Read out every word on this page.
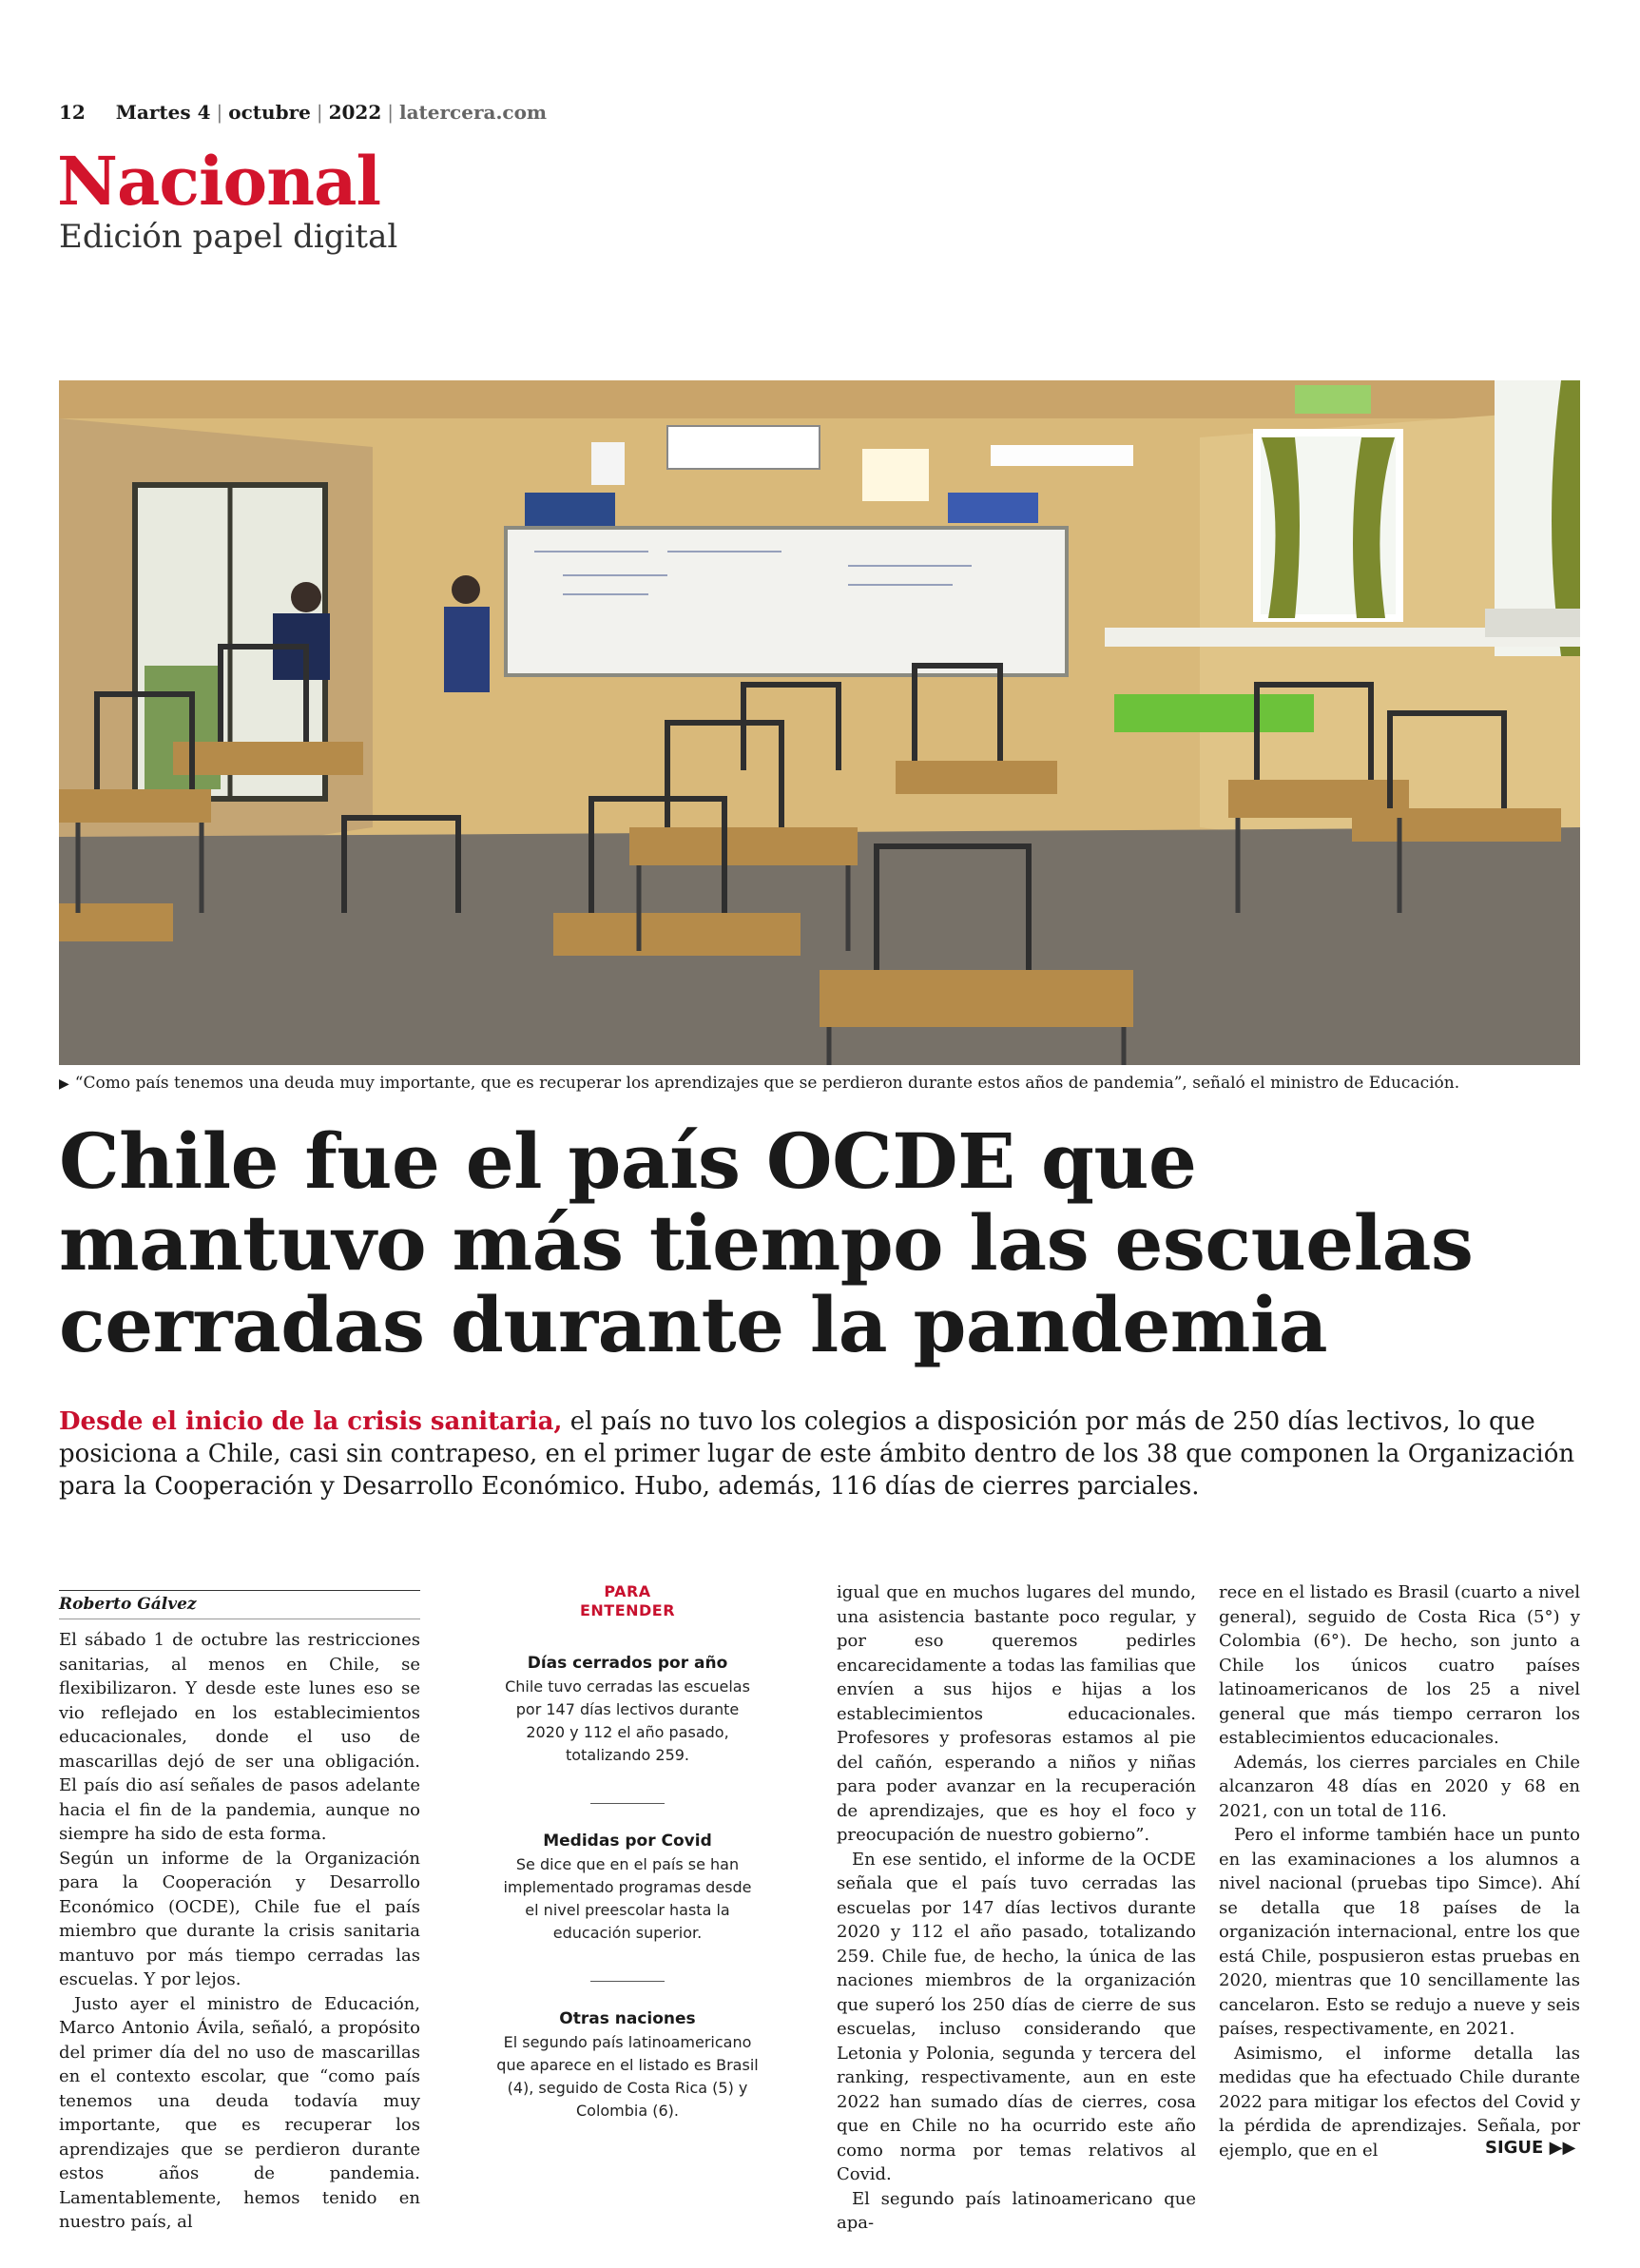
12 Martes 4 | octubre | 2022 | latercera.com
Nacional
Edición papel digital
▶ “Como país tenemos una deuda muy importante, que es recuperar los aprendizajes que se perdieron durante estos años de pandemia”, señaló el ministro de Educación.
Chile fue el país OCDE que
mantuvo más tiempo las escuelas
cerradas durante la pandemia
Desde el inicio de la crisis sanitaria, el país no tuvo los colegios a disposición por más de 250 días lectivos, lo que posiciona a Chile, casi sin contrapeso, en el primer lugar de este ámbito dentro de los 38 que componen la Organización para la Cooperación y Desarrollo Económico. Hubo, además, 116 días de cierres parciales.
Roberto Gálvez

El sábado 1 de octubre las restricciones sanitarias, al menos en Chile, se flexibilizaron. Y desde este lunes eso se vio reflejado en los establecimientos educacionales, donde el uso de mascarillas dejó de ser una obligación. El país dio así señales de pasos adelante hacia el fin de la pandemia, aunque no siempre ha sido de esta forma.

Según un informe de la Organización para la Cooperación y Desarrollo Económico (OCDE), Chile fue el país miembro que durante la crisis sanitaria mantuvo por más tiempo cerradas las escuelas. Y por lejos.

Justo ayer el ministro de Educación, Marco Antonio Ávila, señaló, a propósito del primer día del no uso de mascarillas en el contexto escolar, que “como país tenemos una deuda todavía muy importante, que es recuperar los aprendizajes que se perdieron durante estos años de pandemia. Lamentablemente, hemos tenido en nuestro país, al

PARA
ENTENDER
Días cerrados por año

Chile tuvo cerradas las escuelas por 147 días lectivos durante 2020 y 112 el año pasado, totalizando 259.

Medidas por Covid

Se dice que en el país se han implementado programas desde el nivel preescolar hasta la educación superior.

Otras naciones

El segundo país latinoamericano que aparece en el listado es Brasil (4), seguido de Costa Rica (5) y Colombia (6).

igual que en muchos lugares del mundo, una asistencia bastante poco regular, y por eso queremos pedirles encarecidamente a todas las familias que envíen a sus hijos e hijas a los establecimientos educacionales. Profesores y profesoras estamos al pie del cañón, esperando a niños y niñas para poder avanzar en la recuperación de aprendizajes, que es hoy el foco y preocupación de nuestro gobierno”.

En ese sentido, el informe de la OCDE señala que el país tuvo cerradas las escuelas por 147 días lectivos durante 2020 y 112 el año pasado, totalizando 259. Chile fue, de hecho, la única de las naciones miembros de la organización que superó los 250 días de cierre de sus escuelas, incluso considerando que Letonia y Polonia, segunda y tercera del ranking, respectivamente, aun en este 2022 han sumado días de cierres, cosa que en Chile no ha ocurrido este año como norma por temas relativos al Covid.

El segundo país latinoamericano que apa-

rece en el listado es Brasil (cuarto a nivel general), seguido de Costa Rica (5°) y Colombia (6°). De hecho, son junto a Chile los únicos cuatro países latinoamericanos de los 25 a nivel general que más tiempo cerraron los establecimientos educacionales.

Además, los cierres parciales en Chile alcanzaron 48 días en 2020 y 68 en 2021, con un total de 116.

Pero el informe también hace un punto en las examinaciones a los alumnos a nivel nacional (pruebas tipo Simce). Ahí se detalla que 18 países de la organización internacional, entre los que está Chile, pospusieron estas pruebas en 2020, mientras que 10 sencillamente las cancelaron. Esto se redujo a nueve y seis países, respectivamente, en 2021.

Asimismo, el informe detalla las medidas que ha efectuado Chile durante 2022 para mitigar los efectos del Covid y la pérdida de aprendizajes. Señala, por ejemplo, que en el	SIGUE ▶▶
